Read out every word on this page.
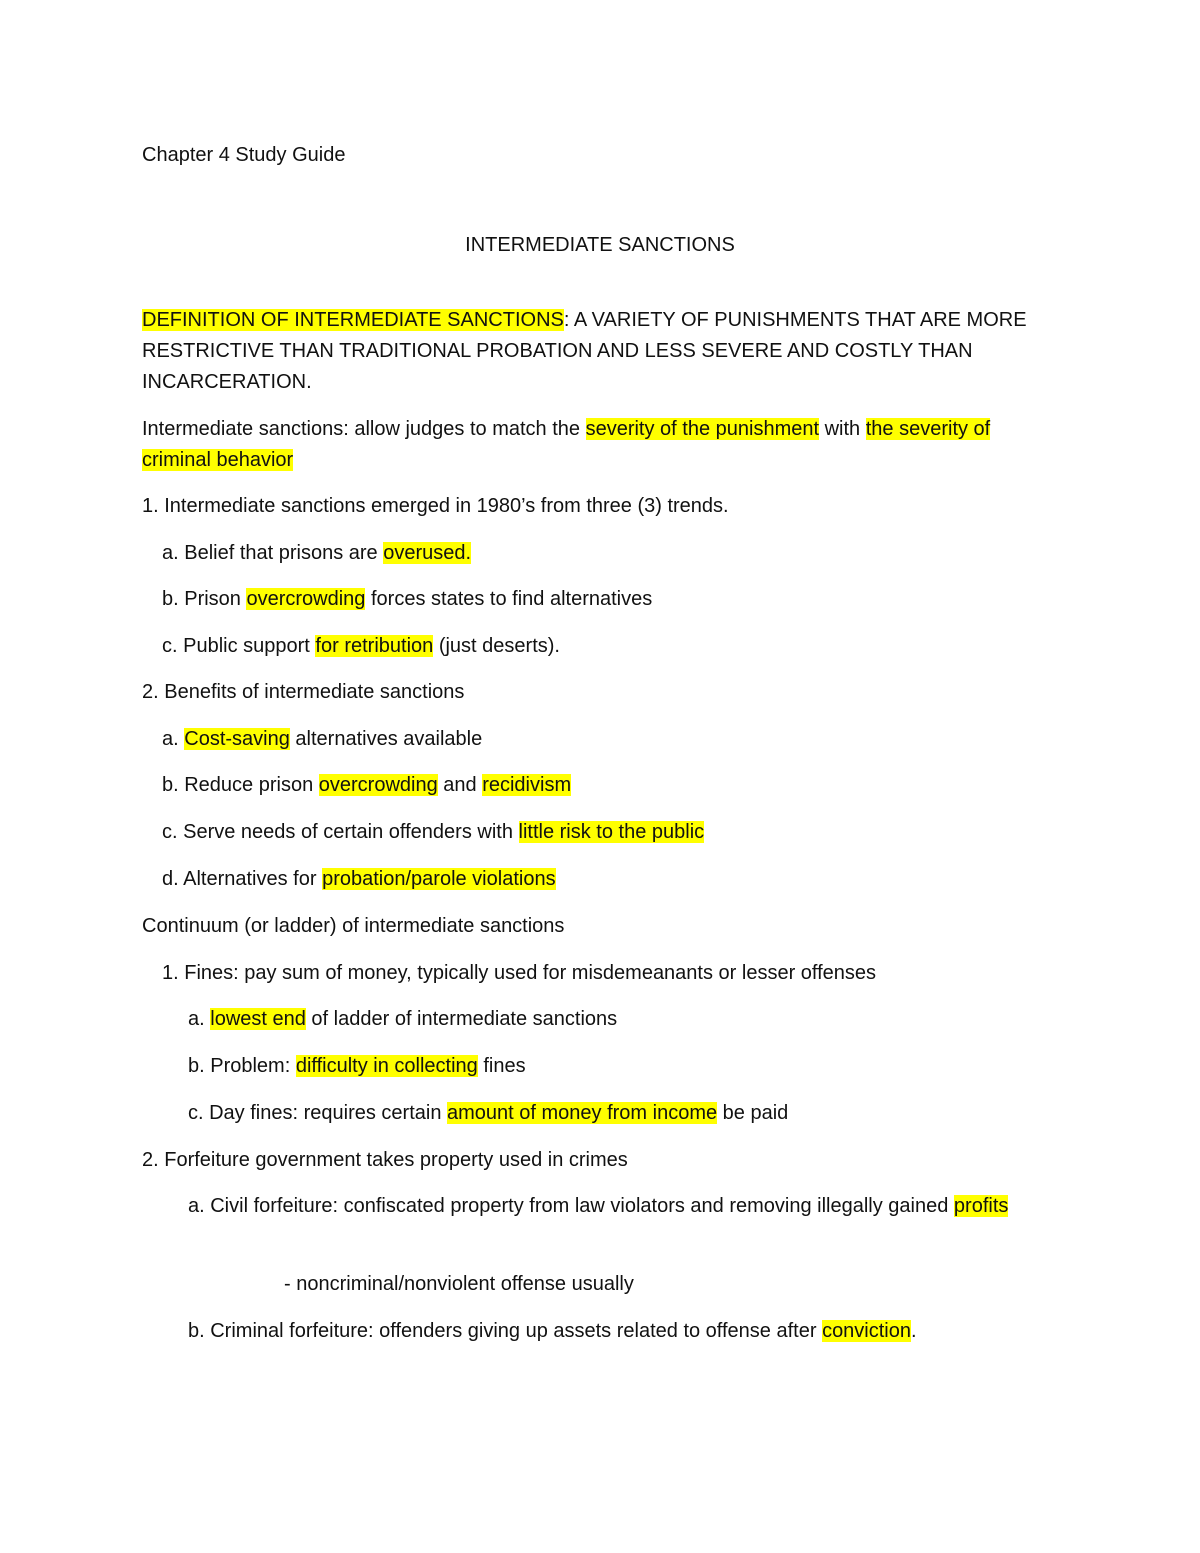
Chapter 4 Study Guide
INTERMEDIATE SANCTIONS
DEFINITION OF INTERMEDIATE SANCTIONS: A VARIETY OF PUNISHMENTS THAT ARE MORE RESTRICTIVE THAN TRADITIONAL PROBATION AND LESS SEVERE AND COSTLY THAN INCARCERATION.
Intermediate sanctions: allow judges to match the severity of the punishment with the severity of criminal behavior
1. Intermediate sanctions emerged in 1980’s from three (3) trends.
a. Belief that prisons are overused.
b. Prison overcrowding forces states to find alternatives
c. Public support for retribution (just deserts).
2. Benefits of intermediate sanctions
a. Cost-saving alternatives available
b. Reduce prison overcrowding and recidivism
c. Serve needs of certain offenders with little risk to the public
d. Alternatives for probation/parole violations
Continuum (or ladder) of intermediate sanctions
1. Fines: pay sum of money, typically used for misdemeanants or lesser offenses
a. lowest end of ladder of intermediate sanctions
b. Problem: difficulty in collecting fines
c. Day fines: requires certain amount of money from income be paid
2. Forfeiture government takes property used in crimes
a. Civil forfeiture: confiscated property from law violators and removing illegally gained profits
- noncriminal/nonviolent offense usually
b. Criminal forfeiture: offenders giving up assets related to offense after conviction.
